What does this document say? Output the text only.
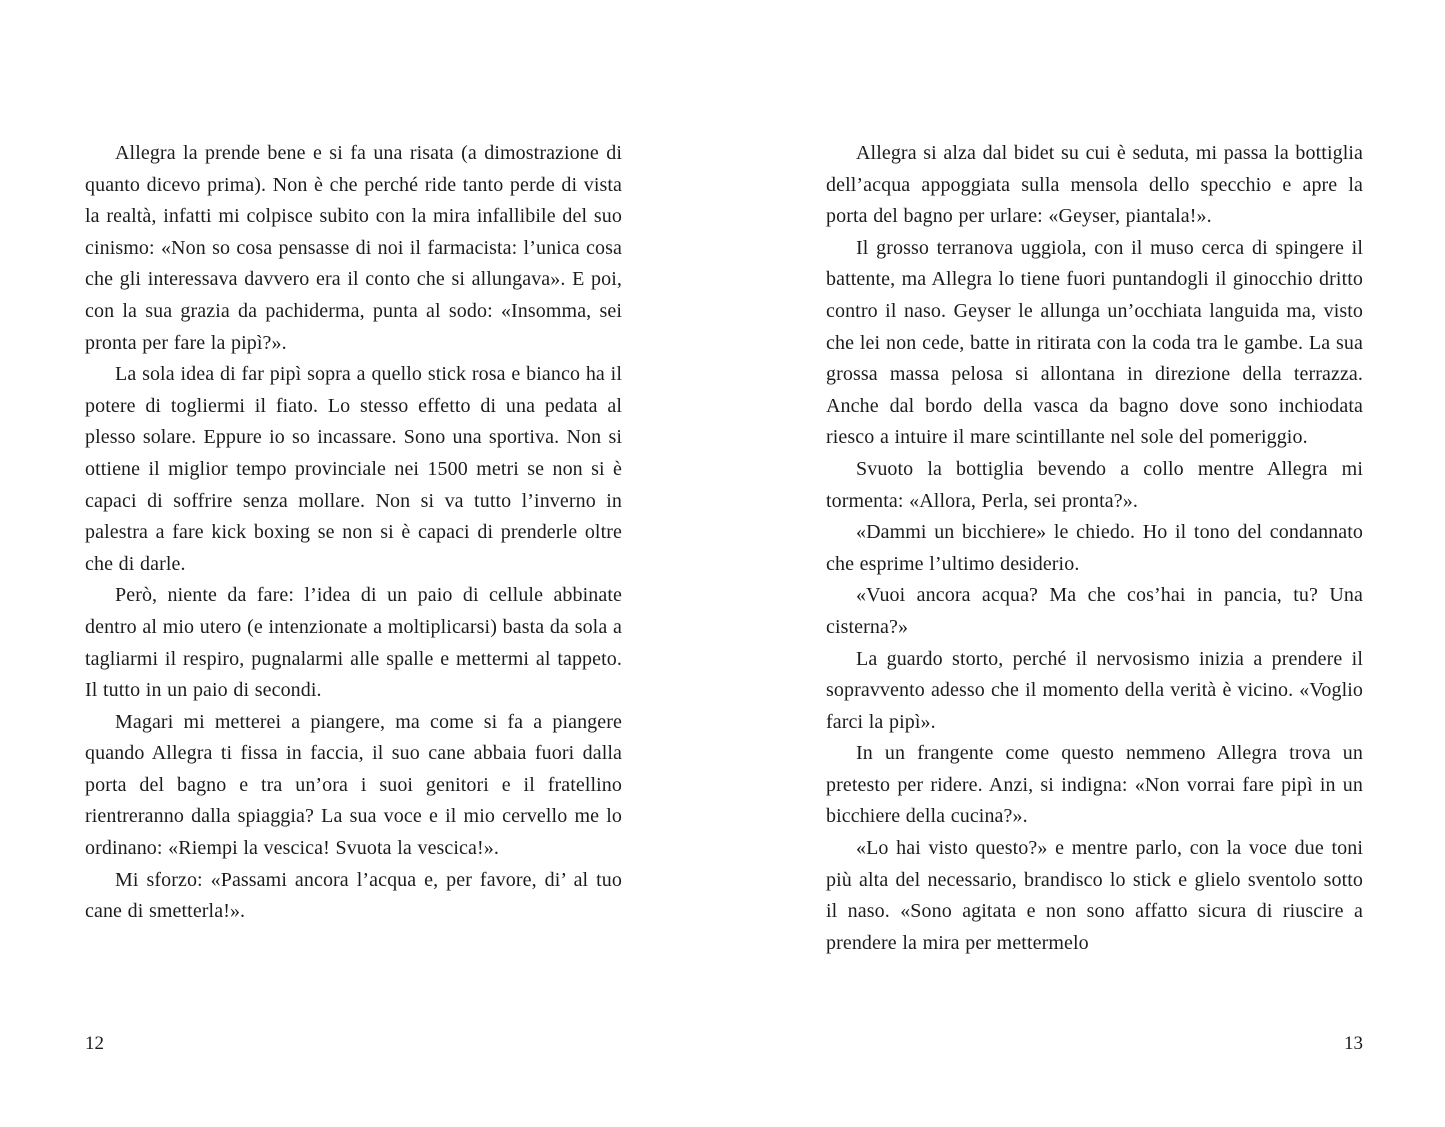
Allegra la prende bene e si fa una risata (a dimostrazione di quanto dicevo prima). Non è che perché ride tanto perde di vista la realtà, infatti mi colpisce subito con la mira infallibile del suo cinismo: «Non so cosa pensasse di noi il farmacista: l’unica cosa che gli interessava davvero era il conto che si allungava». E poi, con la sua grazia da pachiderma, punta al sodo: «Insomma, sei pronta per fare la pipì?».

La sola idea di far pipì sopra a quello stick rosa e bianco ha il potere di togliermi il fiato. Lo stesso effetto di una pedata al plesso solare. Eppure io so incassare. Sono una sportiva. Non si ottiene il miglior tempo provinciale nei 1500 metri se non si è capaci di soffrire senza mollare. Non si va tutto l’inverno in palestra a fare kick boxing se non si è capaci di prenderle oltre che di darle.

Però, niente da fare: l’idea di un paio di cellule abbinate dentro al mio utero (e intenzionate a moltiplicarsi) basta da sola a tagliarmi il respiro, pugnalarmi alle spalle e mettermi al tappeto. Il tutto in un paio di secondi.

Magari mi metterei a piangere, ma come si fa a piangere quando Allegra ti fissa in faccia, il suo cane abbaia fuori dalla porta del bagno e tra un’ora i suoi genitori e il fratellino rientreranno dalla spiaggia? La sua voce e il mio cervello me lo ordinano: «Riempi la vescica! Svuota la vescica!».

Mi sforzo: «Passami ancora l’acqua e, per favore, di’ al tuo cane di smetterla!».

Allegra si alza dal bidet su cui è seduta, mi passa la bottiglia dell’acqua appoggiata sulla mensola dello specchio e apre la porta del bagno per urlare: «Geyser, piantala!».

Il grosso terranova uggiola, con il muso cerca di spingere il battente, ma Allegra lo tiene fuori puntandogli il ginocchio dritto contro il naso. Geyser le allunga un’occhiata languida ma, visto che lei non cede, batte in ritirata con la coda tra le gambe. La sua grossa massa pelosa si allontana in direzione della terrazza. Anche dal bordo della vasca da bagno dove sono inchiodata riesco a intuire il mare scintillante nel sole del pomeriggio.

Svuoto la bottiglia bevendo a collo mentre Allegra mi tormenta: «Allora, Perla, sei pronta?».

«Dammi un bicchiere» le chiedo. Ho il tono del condannato che esprime l’ultimo desiderio.

«Vuoi ancora acqua? Ma che cos’hai in pancia, tu? Una cisterna?»

La guardo storto, perché il nervosismo inizia a prendere il sopravvento adesso che il momento della verità è vicino. «Voglio farci la pipì».

In un frangente come questo nemmeno Allegra trova un pretesto per ridere. Anzi, si indigna: «Non vorrai fare pipì in un bicchiere della cucina?».

«Lo hai visto questo?» e mentre parlo, con la voce due toni più alta del necessario, brandisco lo stick e glielo sventolo sotto il naso. «Sono agitata e non sono affatto sicura di riuscire a prendere la mira per mettermelo

12	13
